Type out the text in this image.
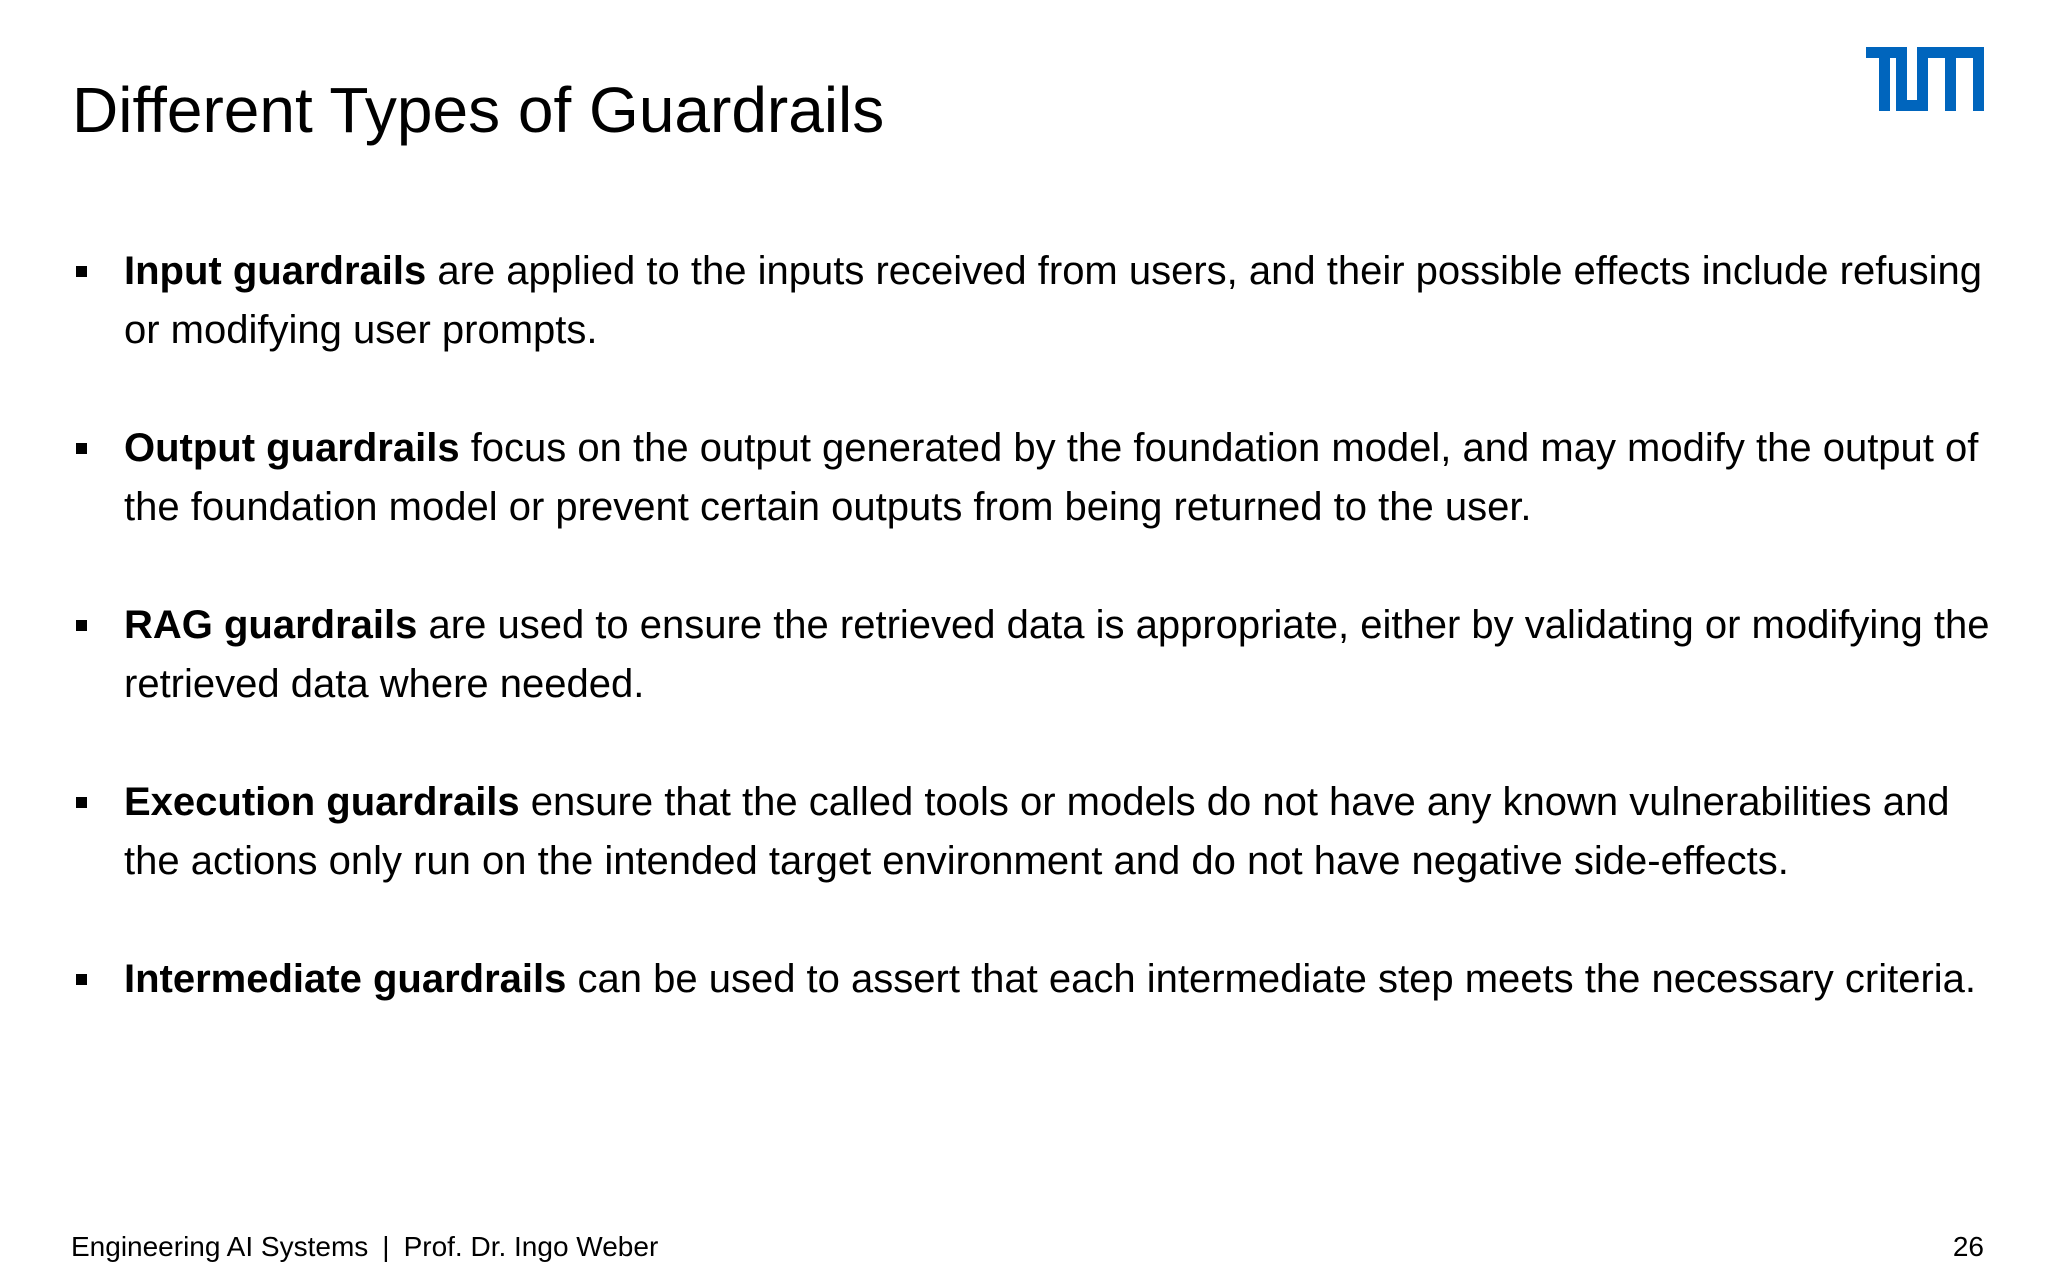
Different Types of Guardrails
Input guardrails are applied to the inputs received from users, and their possible effects include refusing or modifying user prompts.
Output guardrails focus on the output generated by the foundation model, and may modify the output of the foundation model or prevent certain outputs from being returned to the user.
RAG guardrails are used to ensure the retrieved data is appropriate, either by validating or modifying the retrieved data where needed.
Execution guardrails ensure that the called tools or models do not have any known vulnerabilities and the actions only run on the intended target environment and do not have negative side-effects.
Intermediate guardrails can be used to assert that each intermediate step meets the necessary criteria.
Engineering AI Systems | Prof. Dr. Ingo Weber	26
